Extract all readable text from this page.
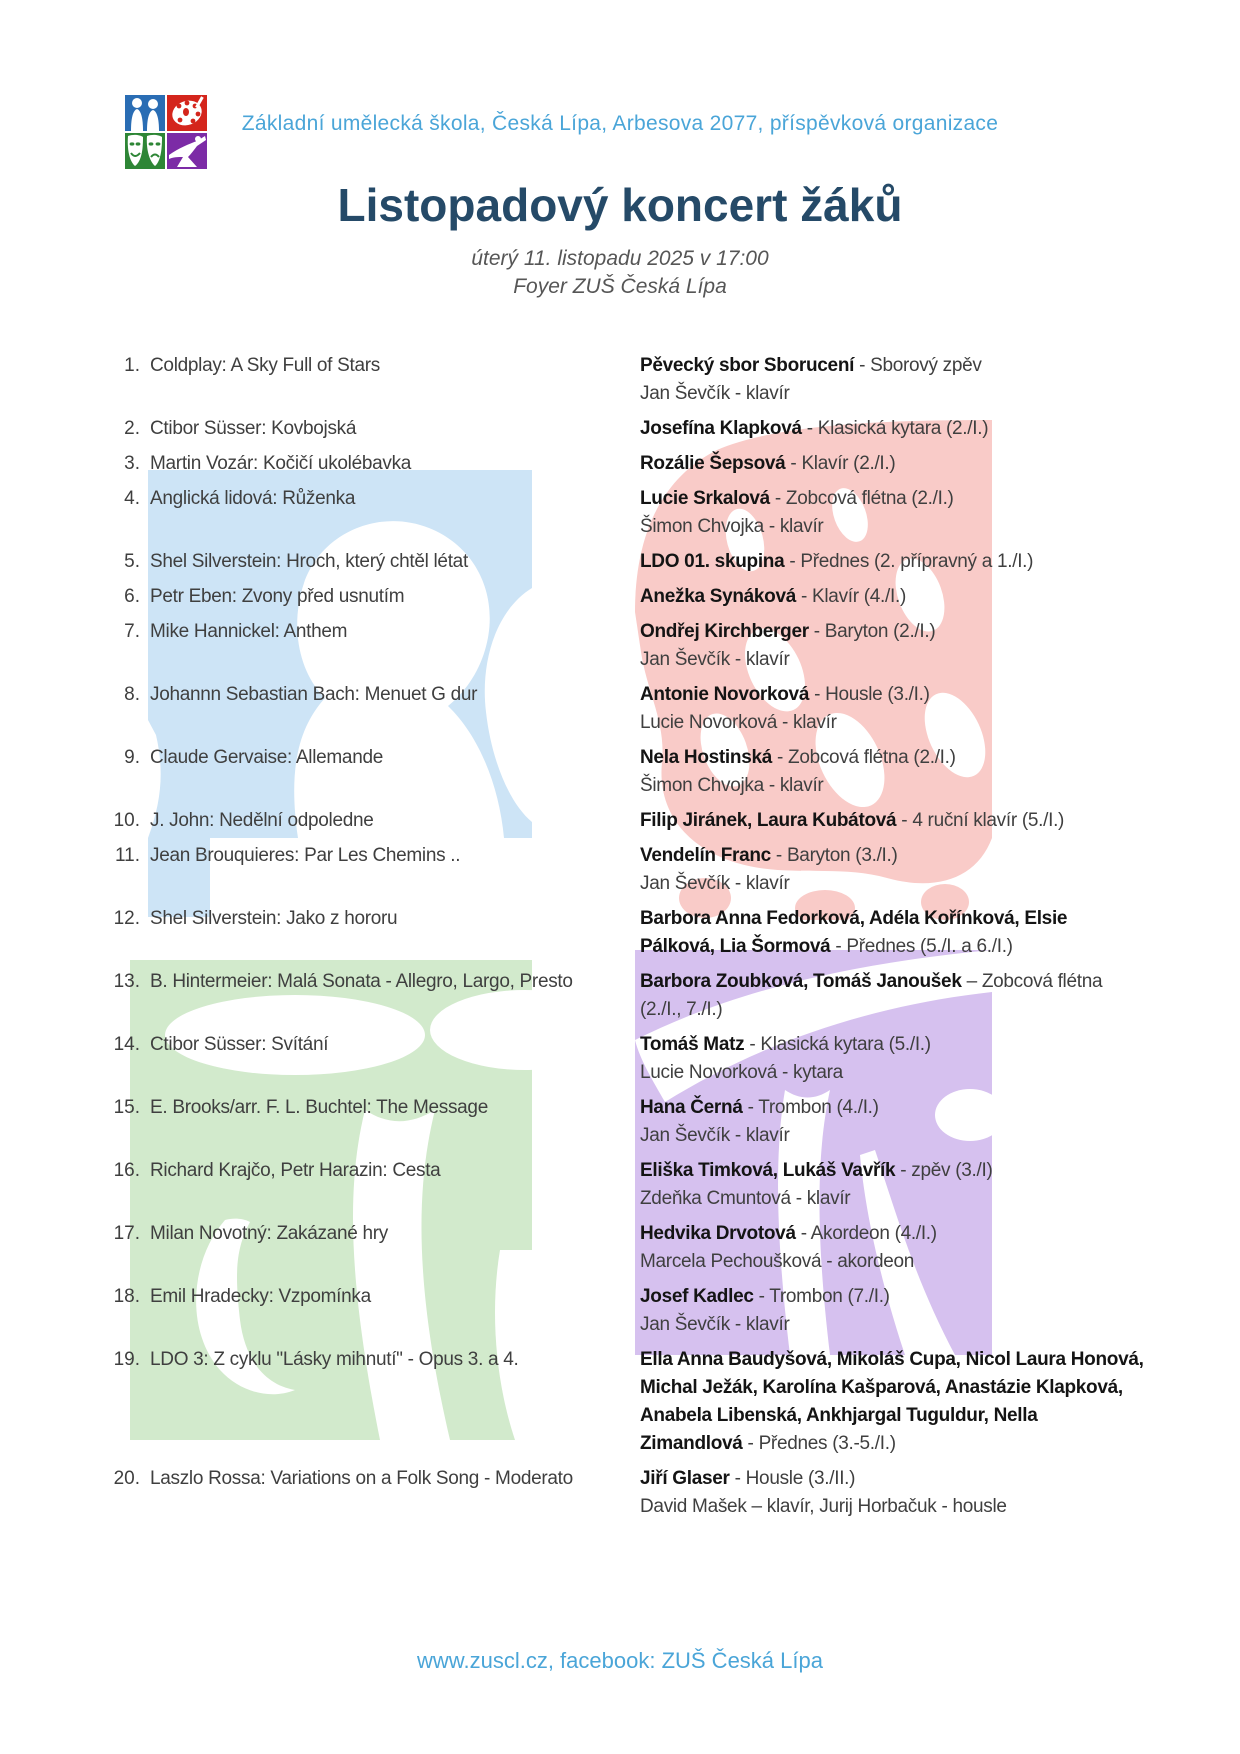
Základní umělecká škola, Česká Lípa, Arbesova 2077, příspěvková organizace
Listopadový koncert žáků
úterý 11. listopadu 2025 v 17:00
Foyer ZUŠ Česká Lípa
1. Coldplay: A Sky Full of Stars	Pěvecký sbor Sborucení - Sborový zpěv
Jan Ševčík - klavír
2. Ctibor Süsser: Kovbojská	Josefína Klapková - Klasická kytara (2./I.)
3. Martin Vozár: Kočičí ukolébavka	Rozálie Šepsová - Klavír (2./I.)
4. Anglická lidová: Růženka	Lucie Srkalová - Zobcová flétna (2./I.)
Šimon Chvojka - klavír
5. Shel Silverstein: Hroch, který chtěl létat	LDO 01. skupina - Přednes (2. přípravný a 1./I.)
6. Petr Eben: Zvony před usnutím	Anežka Synáková - Klavír (4./I.)
7. Mike Hannickel: Anthem	Ondřej Kirchberger - Baryton (2./I.)
Jan Ševčík - klavír
8. Johannn Sebastian Bach: Menuet G dur	Antonie Novorková - Housle (3./I.)
Lucie Novorková - klavír
9. Claude Gervaise: Allemande	Nela Hostinská - Zobcová flétna (2./I.)
Šimon Chvojka - klavír
10. J. John: Nedělní odpoledne	Filip Jiránek, Laura Kubátová - 4 ruční klavír (5./I.)
11. Jean Brouquieres: Par Les Chemins ..	Vendelín Franc - Baryton (3./I.)
Jan Ševčík - klavír
12. Shel Silverstein: Jako z hororu	Barbora Anna Fedorková, Adéla Kořínková, Elsie Pálková, Lia Šormová - Přednes (5./I. a 6./I.)
13. B. Hintermeier: Malá Sonata - Allegro, Largo, Presto	Barbora Zoubková, Tomáš Janoušek – Zobcová flétna (2./I., 7./I.)
14. Ctibor Süsser: Svítání	Tomáš Matz - Klasická kytara (5./I.)
Lucie Novorková - kytara
15. E. Brooks/arr. F. L. Buchtel: The Message	Hana Černá - Trombon (4./I.)
Jan Ševčík - klavír
16. Richard Krajčo, Petr Harazin: Cesta	Eliška Timková, Lukáš Vavřík - zpěv (3./I)
Zdeňka Cmuntová - klavír
17. Milan Novotný: Zakázané hry	Hedvika Drvotová - Akordeon (4./I.)
Marcela Pechoušková - akordeon
18. Emil Hradecky: Vzpomínka	Josef Kadlec - Trombon (7./I.)
Jan Ševčík - klavír
19. LDO 3: Z cyklu "Lásky mihnutí" - Opus 3. a 4.	Ella Anna Baudyšová, Mikoláš Cupa, Nicol Laura Honová, Michal Ježák, Karolína Kašparová, Anastázie Klapková, Anabela Libenská, Ankhjargal Tuguldur, Nella Zimandlová - Přednes (3.-5./I.)
20. Laszlo Rossa: Variations on a Folk Song - Moderato	Jiří Glaser - Housle (3./II.)
David Mašek – klavír, Jurij Horbačuk - housle
www.zuscl.cz, facebook: ZUŠ Česká Lípa
